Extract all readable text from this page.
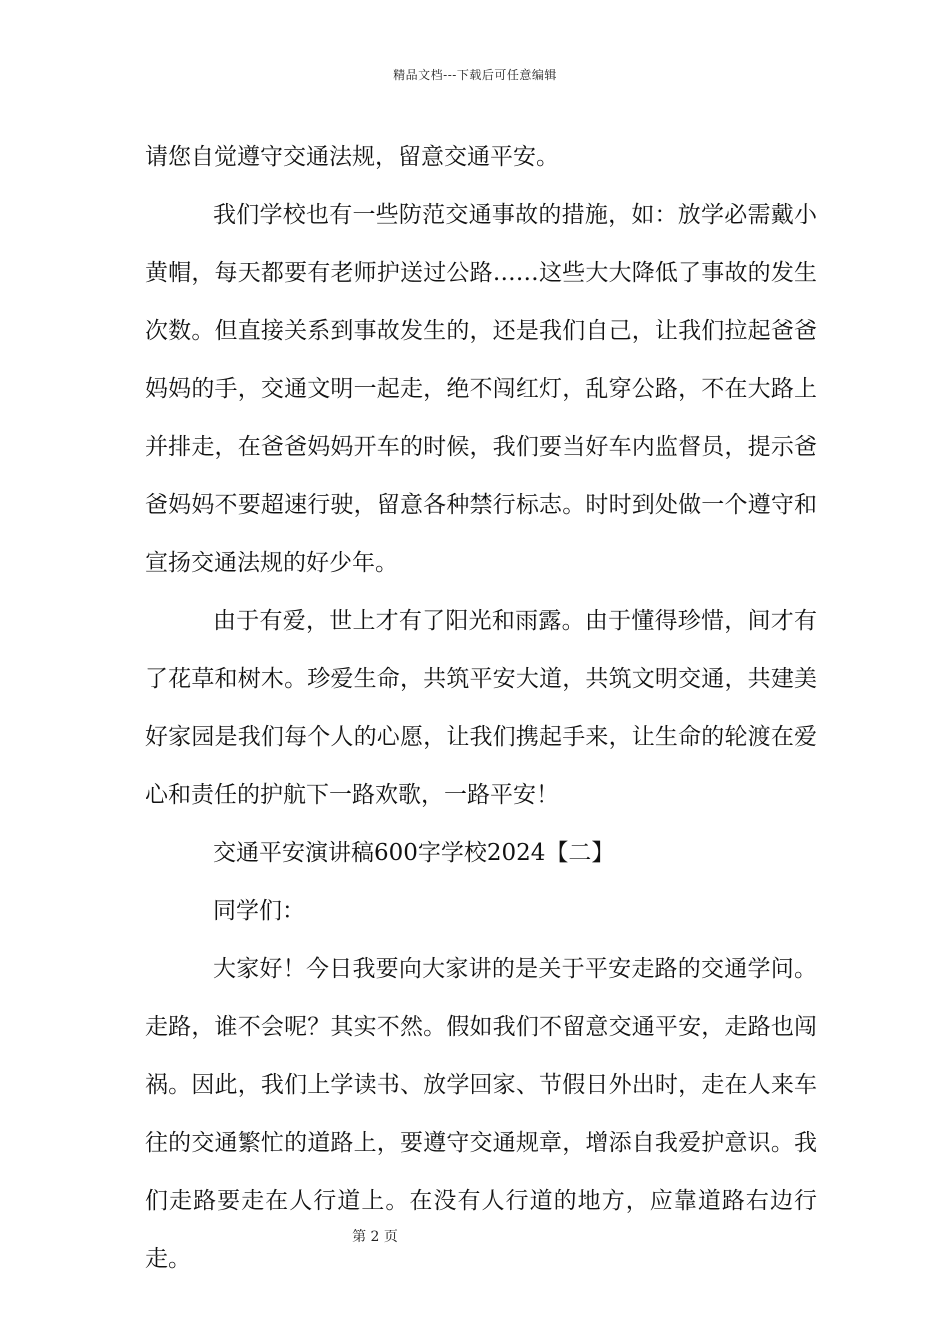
精品文档---下载后可任意编辑

请您自觉遵守交通法规，留意交通平安。

我们学校也有一些防范交通事故的措施，如：放学必需戴小黄帽，每天都要有老师护送过公路……这些大大降低了事故的发生次数。但直接关系到事故发生的，还是我们自己，让我们拉起爸爸妈妈的手，交通文明一起走，绝不闯红灯，乱穿公路，不在大路上并排走，在爸爸妈妈开车的时候，我们要当好车内监督员，提示爸爸妈妈不要超速行驶，留意各种禁行标志。时时到处做一个遵守和宣扬交通法规的好少年。

由于有爱，世上才有了阳光和雨露。由于懂得珍惜，间才有了花草和树木。珍爱生命，共筑平安大道，共筑文明交通，共建美好家园是我们每个人的心愿，让我们携起手来，让生命的轮渡在爱心和责任的护航下一路欢歌，一路平安！

交通平安演讲稿600字学校2024【二】

同学们：

大家好！今日我要向大家讲的是关于平安走路的交通学问。走路，谁不会呢？其实不然。假如我们不留意交通平安，走路也闯祸。因此，我们上学读书、放学回家、节假日外出时，走在人来车往的交通繁忙的道路上，要遵守交通规章，增添自我爱护意识。我们走路要走在人行道上。在没有人行道的地方，应靠道路右边行走。

第 2 页
